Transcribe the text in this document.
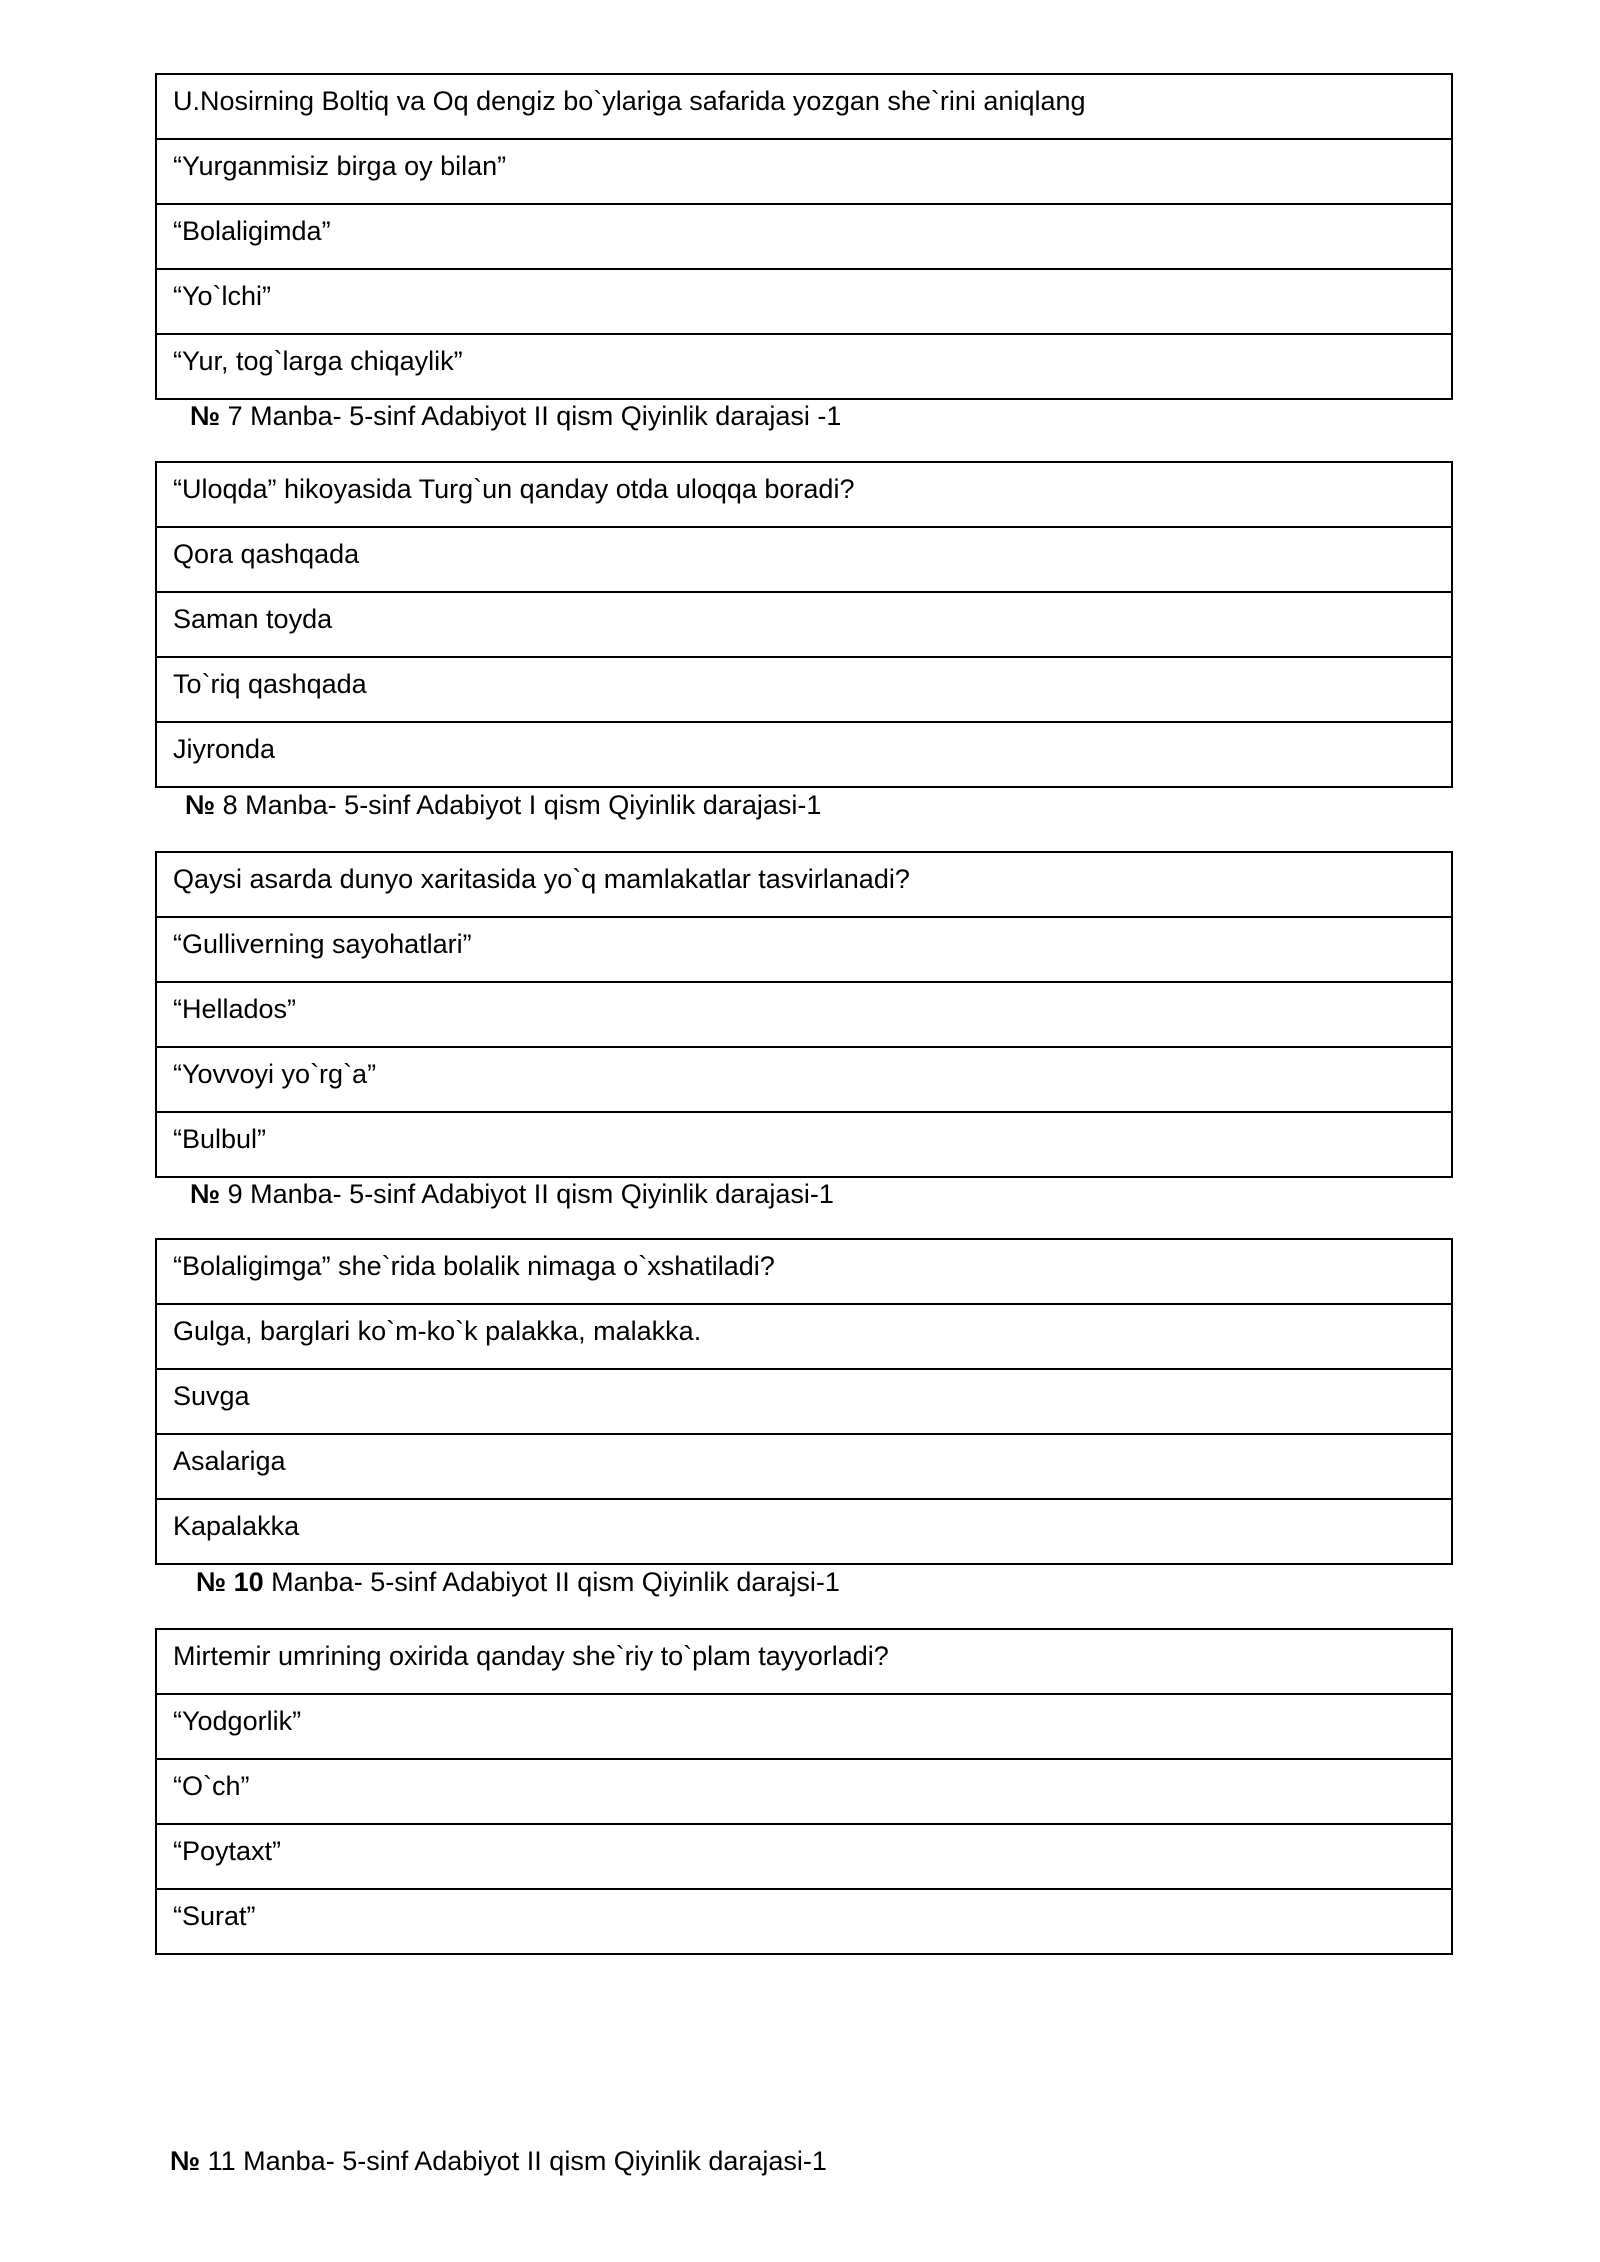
U.Nosirning Boltiq va Oq dengiz bo`ylariga safarida yozgan she`rini aniqlang
“Yurganmisiz birga oy bilan”
“Bolaligimda”
“Yo`lchi”
“Yur, tog`larga chiqaylik”
№ 7 Manba- 5-sinf Adabiyot II qism Qiyinlik darajasi -1
“Uloqda” hikoyasida Turg`un qanday otda uloqqa boradi?
Qora qashqada
Saman toyda
To`riq qashqada
Jiyronda
№ 8 Manba- 5-sinf Adabiyot I qism Qiyinlik darajasi-1
Qaysi asarda dunyo xaritasida yo`q mamlakatlar tasvirlanadi?
“Gulliverning sayohatlari”
“Hellados”
“Yovvoyi yo`rg`a”
“Bulbul”
№ 9 Manba- 5-sinf Adabiyot II qism Qiyinlik darajasi-1
“Bolaligimga” she`rida bolalik nimaga o`xshatiladi?
Gulga, barglari ko`m-ko`k palakka, malakka.
Suvga
Asalariga
Kapalakka
№ 10 Manba- 5-sinf Adabiyot II qism Qiyinlik darajsi-1
Mirtemir umrining oxirida qanday she`riy to`plam tayyorladi?
“Yodgorlik”
“O`ch”
“Poytaxt”
“Surat”
№ 11 Manba- 5-sinf Adabiyot II qism Qiyinlik darajasi-1
